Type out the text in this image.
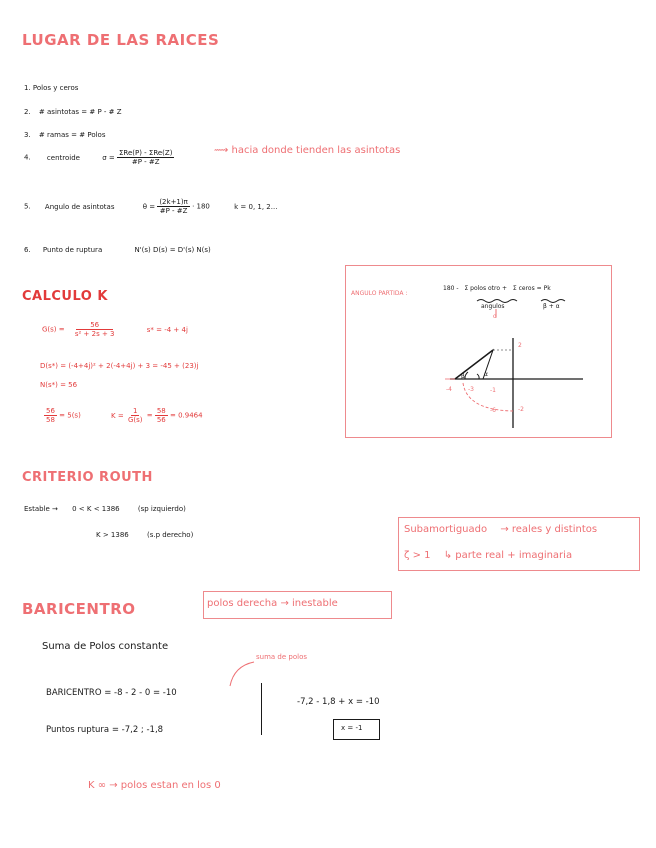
LUGAR DE LAS RAICES
1. Polos y ceros
2. # asintotas = # P - # Z
3. # ramas = # Polos
4. centroide	$\sigma = \frac{\text{ΣRe(P) - ΣRe(Z)}}{\#P - \#Z}$	⟿ hacia donde tienden las asintotas
5. Angulo de asintotas	$\theta = \frac{(2k+1)\pi}{\#P - \#Z} \cdot 180$	k = 0, 1, 2...
6. Punto de ruptura	N'(s) D(s) = D'(s) N(s)
CALCULO K
$G(s) = \frac{56}{\text{s² + 2s + 3}}$	s* = -4 + 4j
D(s*) = (-4+4j)² + 2(-4+4j) + 3 = -45 + (23)j
N(s*) = 56
$\frac{56}{58} = 5(s)$	$K = \frac{1}{G(s)} = \frac{58}{56} = 0.9464$
ANGULO PARTIDA :
180 - Σ polos otro + Σ ceros = Pk
angulos	β + α
α
2
-2
-4	-3	-1
-6
β	α
CRITERIO ROUTH
Estable → 0 < K < 1386	(sp izquierdo)
K > 1386	(s.p derecho)	Subamortiguado → reales y distintos
ζ > 1 ↳ parte real + imaginaria
BARICENTRO	polos derecha → inestable
Suma de Polos constante
suma de polos
BARICENTRO = -8 - 2 - 0 = -10
Puntos ruptura = -7,2 ; -1,8
-7,2 - 1,8 + x = -10
x = -1
K ∞ → polos estan en los 0
